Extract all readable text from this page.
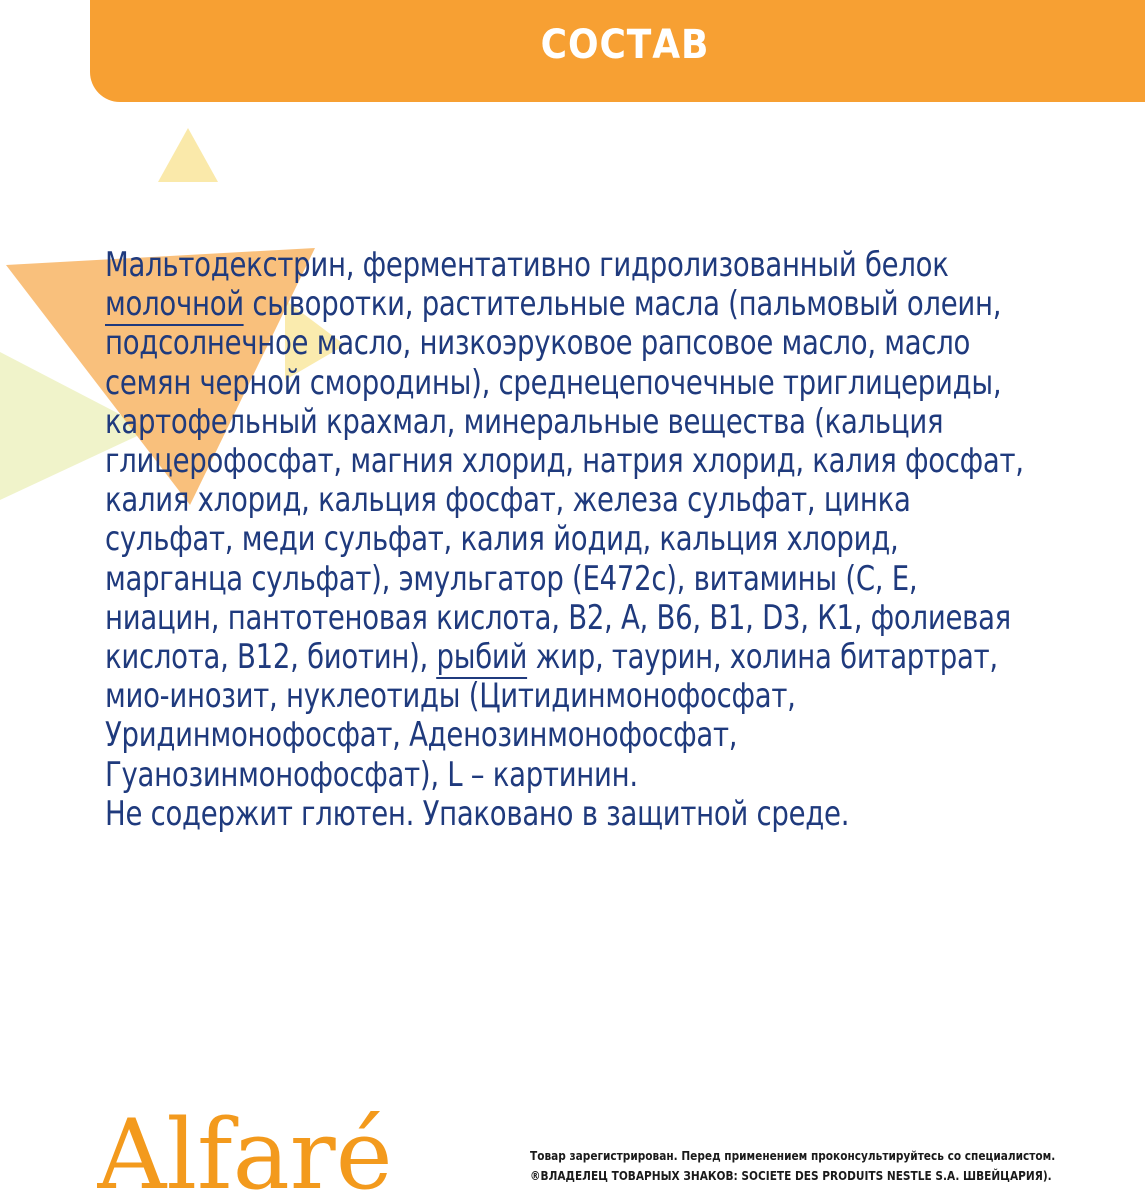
СОСТАВ
Мальтодекстрин, ферментативно гидролизованный белок
молочной сыворотки, растительные масла (пальмовый олеин,
подсолнечное масло, низкоэруковое рапсовое масло, масло
семян черной смородины), среднецепочечные триглицериды,
картофельный крахмал, минеральные вещества (кальция
глицерофосфат, магния хлорид, натрия хлорид, калия фосфат,
калия хлорид, кальция фосфат, железа сульфат, цинка
сульфат, меди сульфат, калия йодид, кальция хлорид,
марганца сульфат), эмульгатор (Е472с), витамины (С, Е,
ниацин, пантотеновая кислота, В2, А, В6, В1, D3, К1, фолиевая
кислота, В12, биотин), рыбий жир, таурин, холина битартрат,
мио-инозит, нуклеотиды (Цитидинмонофосфат,
Уридинмонофосфат, Аденозинмонофосфат,
Гуанозинмонофосфат), L – картинин.
Не содержит глютен. Упаковано в защитной среде.
Alfaré	Товар зарегистрирован. Перед применением проконсультируйтесь со специалистом.
®ВЛАДЕЛЕЦ ТОВАРНЫХ ЗНАКОВ: SOCIETE DES PRODUITS NESTLE S.A. ШВЕЙЦАРИЯ).
